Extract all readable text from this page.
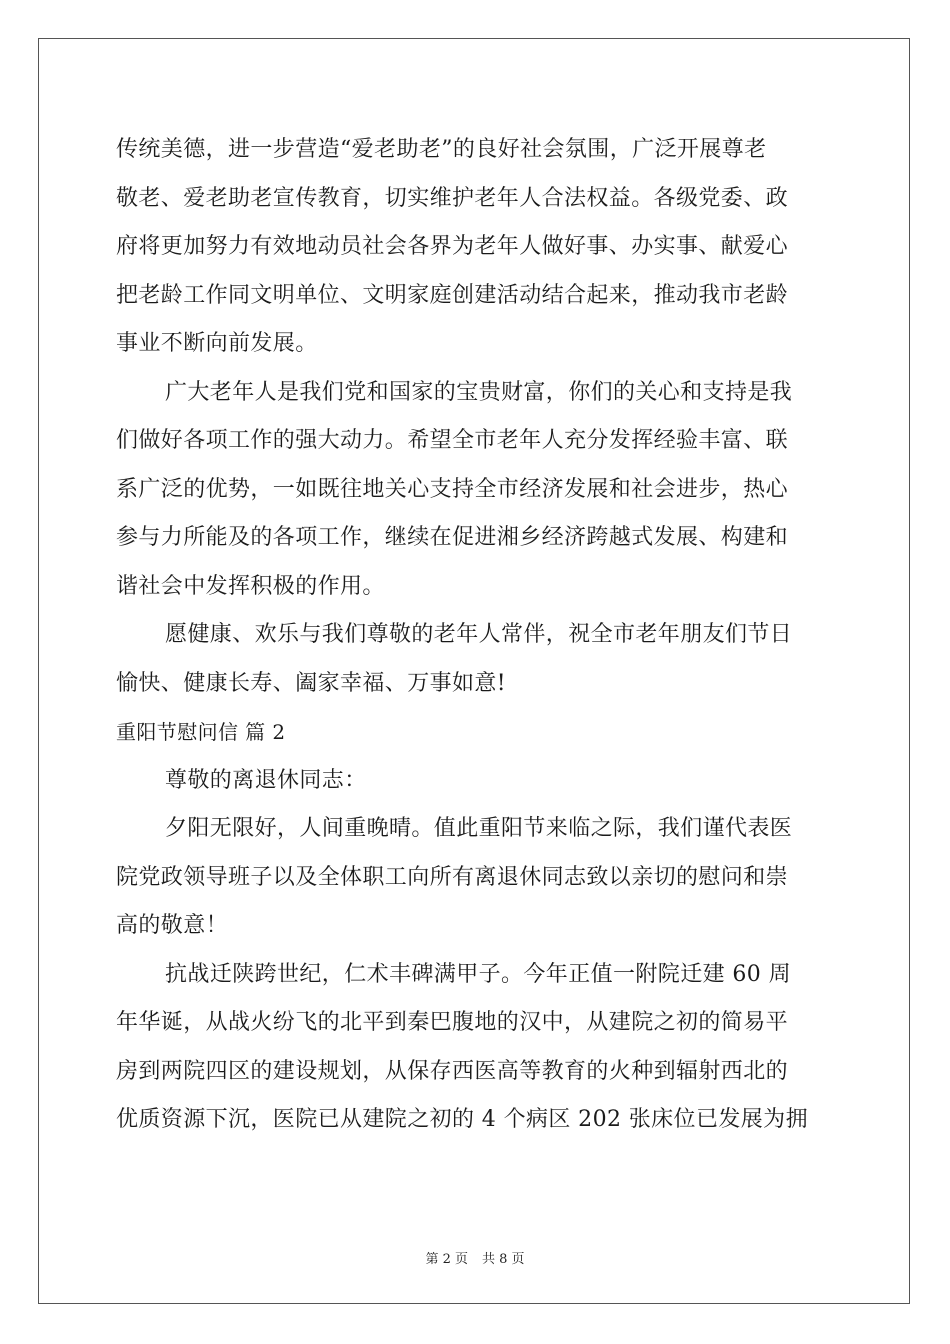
传统美德，进一步营造“爱老助老”的良好社会氛围，广泛开展尊老
敬老、爱老助老宣传教育，切实维护老年人合法权益。各级党委、政
府将更加努力有效地动员社会各界为老年人做好事、办实事、献爱心
把老龄工作同文明单位、文明家庭创建活动结合起来，推动我市老龄
事业不断向前发展。
广大老年人是我们党和国家的宝贵财富，你们的关心和支持是我
们做好各项工作的强大动力。希望全市老年人充分发挥经验丰富、联
系广泛的优势，一如既往地关心支持全市经济发展和社会进步，热心
参与力所能及的各项工作，继续在促进湘乡经济跨越式发展、构建和
谐社会中发挥积极的作用。
愿健康、欢乐与我们尊敬的老年人常伴，祝全市老年朋友们节日
愉快、健康长寿、阖家幸福、万事如意!
重阳节慰问信 篇 2
尊敬的离退休同志：
夕阳无限好，人间重晚晴。值此重阳节来临之际，我们谨代表医
院党政领导班子以及全体职工向所有离退休同志致以亲切的慰问和崇
高的敬意！
抗战迁陕跨世纪，仁术丰碑满甲子。今年正值一附院迁建 60 周
年华诞，从战火纷飞的北平到秦巴腹地的汉中，从建院之初的简易平
房到两院四区的建设规划，从保存西医高等教育的火种到辐射西北的
优质资源下沉，医院已从建院之初的 4 个病区 202 张床位已发展为拥
第 2 页 共 8 页
